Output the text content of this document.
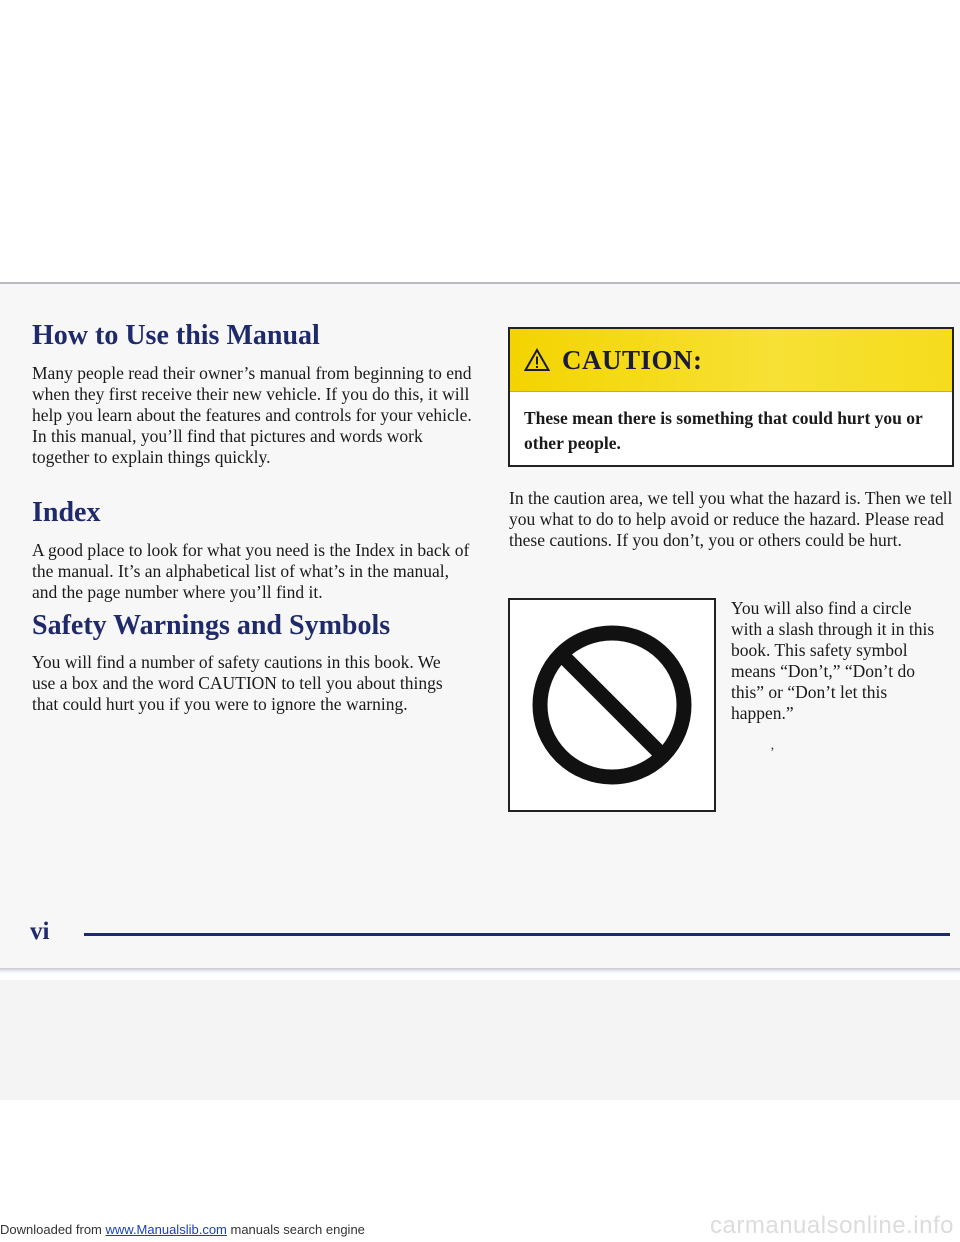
How to Use this Manual

Many people read their owner’s manual from beginning to end when they first receive their new vehicle. If you do this, it will help you learn about the features and controls for your vehicle. In this manual, you’ll find that pictures and words work together to explain things quickly.

Index

A good place to look for what you need is the Index in back of the manual. It’s an alphabetical list of what’s in the manual, and the page number where you’ll find it.

Safety Warnings and Symbols

You will find a number of safety cautions in this book. We use a box and the word CAUTION to tell you about things that could hurt you if you were to ignore the warning.

CAUTION:
These mean there is something that could hurt you or other people.

In the caution area, we tell you what the hazard is. Then we tell you what to do to help avoid or reduce the hazard. Please read these cautions. If you don’t, you or others could be hurt.

You will also find a circle with a slash through it in this book. This safety symbol means “Don’t,” “Don’t do this” or “Don’t let this happen.”

‚
vi
Downloaded from www.Manualslib.com manuals search engine	carmanualsonline.info
